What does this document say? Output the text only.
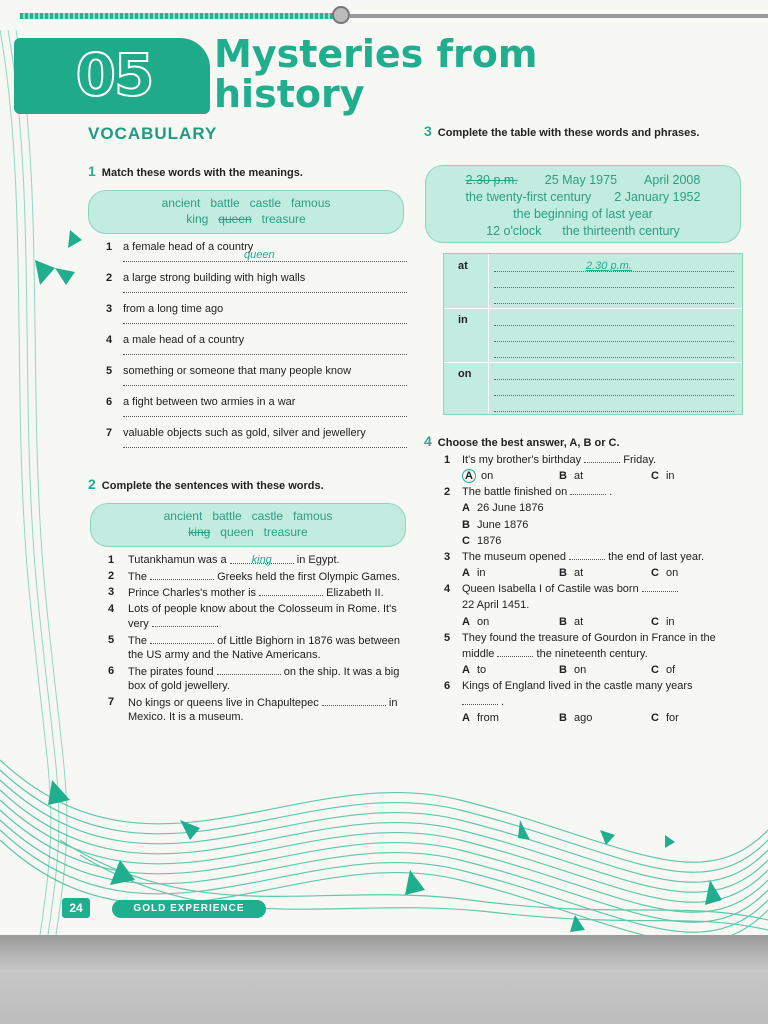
05	Mysteries from
history
VOCABULARY
1 Match these words with the meanings.
ancient battle castle famous
king queen treasure
1 a female head of a country
queen
2 a large strong building with high walls
3 from a long time ago
4 a male head of a country
5 something or someone that many people know
6 a fight between two armies in a war
7 valuable objects such as gold, silver and jewellery
2 Complete the sentences with these words.
ancient battle castle famous
king queen treasure
1 Tutankhamun was a king in Egypt.
2 The	Greeks held the first Olympic Games.
3 Prince Charles's mother is	Elizabeth II.
4 Lots of people know about the Colosseum in Rome. It's very	.
5 The	of Little Bighorn in 1876 was between the US army and the Native Americans.
6 The pirates found	on the ship. It was a big box of gold jewellery.
7 No kings or queens live in Chapultepec	in Mexico. It is a museum.
3 Complete the table with these words and phrases.
2.30 p.m. 25 May 1975 April 2008
the twenty-first century 2 January 1952
the beginning of last year
12 o'clock the thirteenth century
at	2.30 p.m.
in
on
4 Choose the best answer, A, B or C.
1 It's my brother's birthday	Friday.
A on	B at	C in
2 The battle finished on	.
A 26 June 1876
B June 1876
C 1876
3 The museum opened	the end of last year.
A in	B at	C on
4 Queen Isabella I of Castile was born
22 April 1451.
A on	B at	C in
5 They found the treasure of Gourdon in France in the middle	the nineteenth century.
A to	B on	C of
6 Kings of England lived in the castle many years
.
A from	B ago	C for
24	GOLD EXPERIENCE
